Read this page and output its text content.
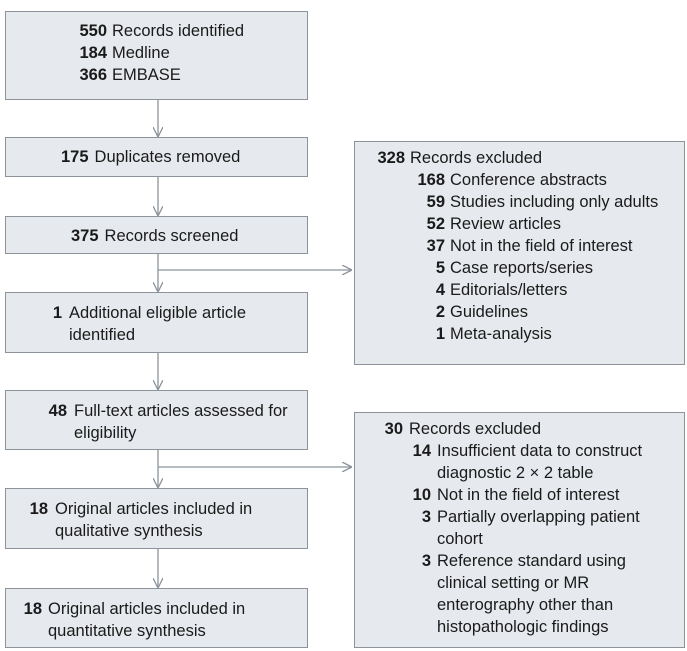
550 Records identified
184 Medline
366 EMBASE
175 Duplicates removed
375 Records screened
1 Additional eligible article identified
48 Full-text articles assessed for eligibility
18 Original articles included in qualitative synthesis
18 Original articles included in quantitative synthesis
328 Records excluded
168 Conference abstracts
59 Studies including only adults
52 Review articles
37 Not in the field of interest
5 Case reports/series
4 Editorials/letters
2 Guidelines
1 Meta-analysis
30 Records excluded
14 Insufficient data to construct diagnostic 2 × 2 table
10 Not in the field of interest
3 Partially overlapping patient cohort
3 Reference standard using clinical setting or MR enterography other than histopathologic findings
